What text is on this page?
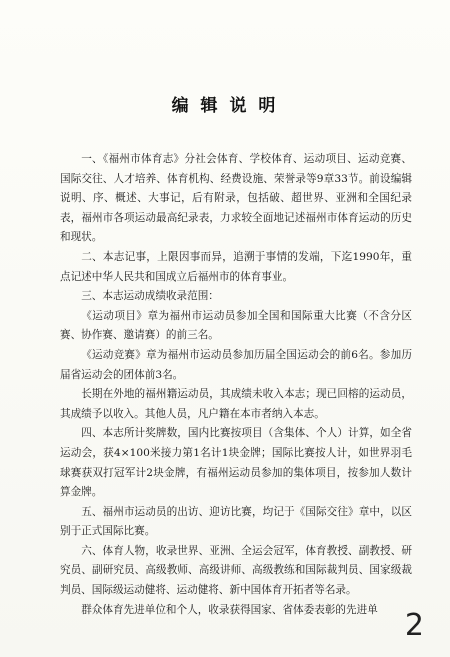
编 辑 说 明

一、《福州市体育志》分社会体育、学校体育、运动项目、运动竞赛、国际交往、人才培养、体育机构、经费设施、荣誉录等9章33节。前设编辑说明、序、概述、大事记，后有附录，包括破、超世界、亚洲和全国纪录表，福州市各项运动最高纪录表，力求较全面地记述福州市体育运动的历史和现状。

二、本志记事，上限因事而异，追溯于事情的发端，下迄1990年，重点记述中华人民共和国成立后福州市的体育事业。

三、本志运动成绩收录范围：

《运动项目》章为福州市运动员参加全国和国际重大比赛（不含分区赛、协作赛、邀请赛）的前三名。

《运动竞赛》章为福州市运动员参加历届全国运动会的前6名。参加历届省运动会的团体前3名。

长期在外地的福州籍运动员，其成绩未收入本志；现已回榕的运动员，其成绩予以收入。其他人员，凡户籍在本市者纳入本志。

四、本志所计奖牌数，国内比赛按项目（含集体、个人）计算，如全省运动会，获4×100米接力第1名计1块金牌；国际比赛按人计，如世界羽毛球赛获双打冠军计2块金牌，有福州运动员参加的集体项目，按参加人数计算金牌。

五、福州市运动员的出访、迎访比赛，均记于《国际交往》章中，以区别于正式国际比赛。

六、体育人物，收录世界、亚洲、全运会冠军，体育教授、副教授、研究员、副研究员、高级教师、高级讲师、高级教练和国际裁判员、国家级裁判员、国际级运动健将、运动健将、新中国体育开拓者等名录。

群众体育先进单位和个人，收录获得国家、省体委表彰的先进单 2
